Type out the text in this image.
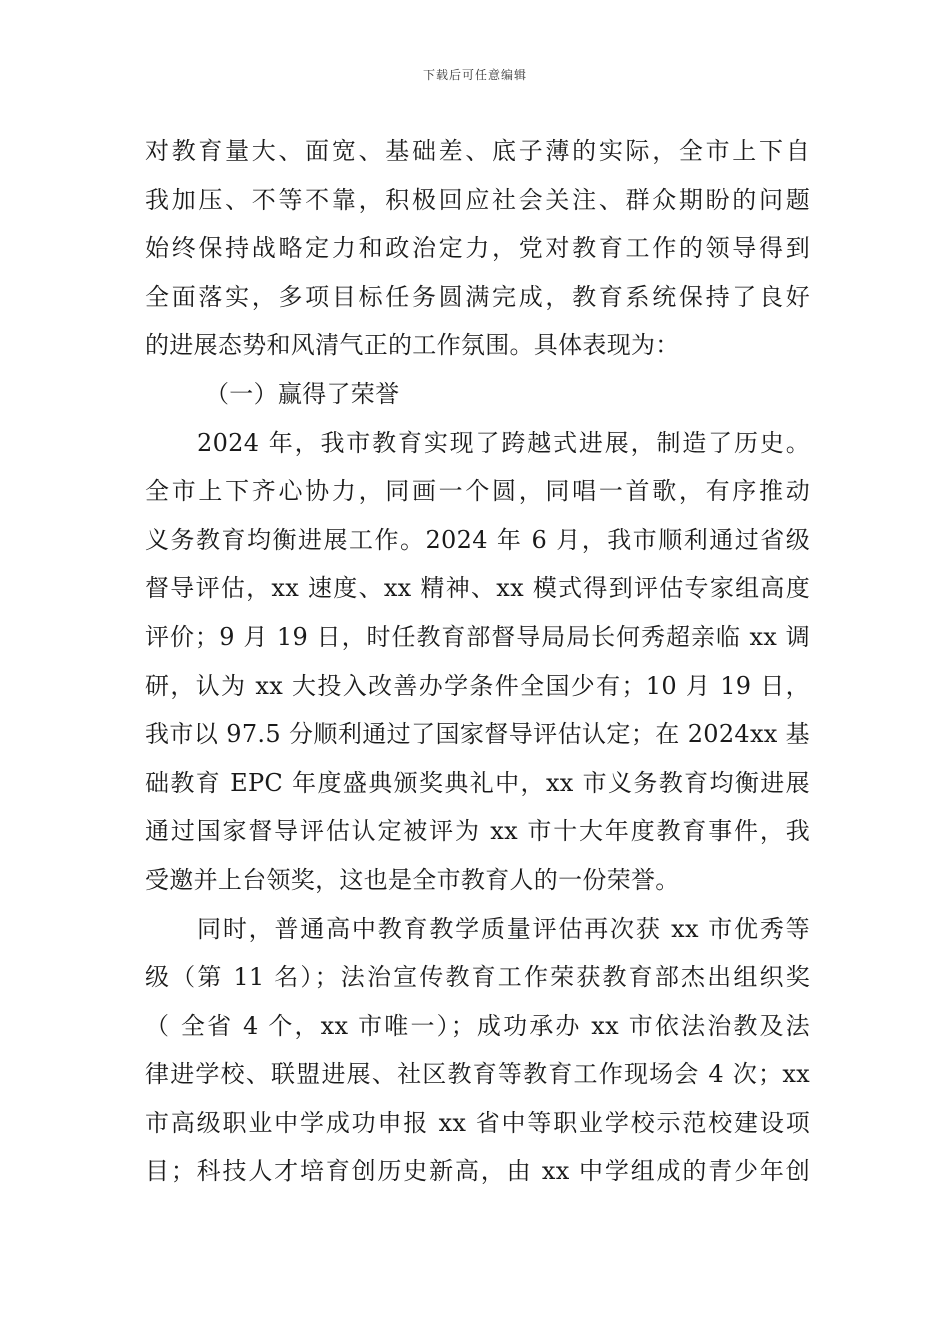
下载后可任意编辑
对教育量大、面宽、基础差、底子薄的实际，全市上下自
我加压、不等不靠，积极回应社会关注、群众期盼的问题
始终保持战略定力和政治定力，党对教育工作的领导得到
全面落实，多项目标任务圆满完成，教育系统保持了良好
的进展态势和风清气正的工作氛围。具体表现为：
（一）赢得了荣誉
2024 年，我市教育实现了跨越式进展，制造了历史。
全市上下齐心协力，同画一个圆，同唱一首歌，有序推动
义务教育均衡进展工作。2024 年 6 月，我市顺利通过省级
督导评估，xx 速度、xx 精神、xx 模式得到评估专家组高度
评价；9 月 19 日，时任教育部督导局局长何秀超亲临 xx 调
研，认为 xx 大投入改善办学条件全国少有；10 月 19 日，
我市以 97.5 分顺利通过了国家督导评估认定；在 2024xx 基
础教育 EPC 年度盛典颁奖典礼中，xx 市义务教育均衡进展
通过国家督导评估认定被评为 xx 市十大年度教育事件，我
受邀并上台领奖，这也是全市教育人的一份荣誉。
同时，普通高中教育教学质量评估再次获 xx 市优秀等
级（第 11 名）；法治宣传教育工作荣获教育部杰出组织奖
（ 全省 4 个，xx 市唯一）；成功承办 xx 市依法治教及法
律进学校、联盟进展、社区教育等教育工作现场会 4 次；xx
市高级职业中学成功申报 xx 省中等职业学校示范校建设项
目；科技人才培育创历史新高，由 xx 中学组成的青少年创
